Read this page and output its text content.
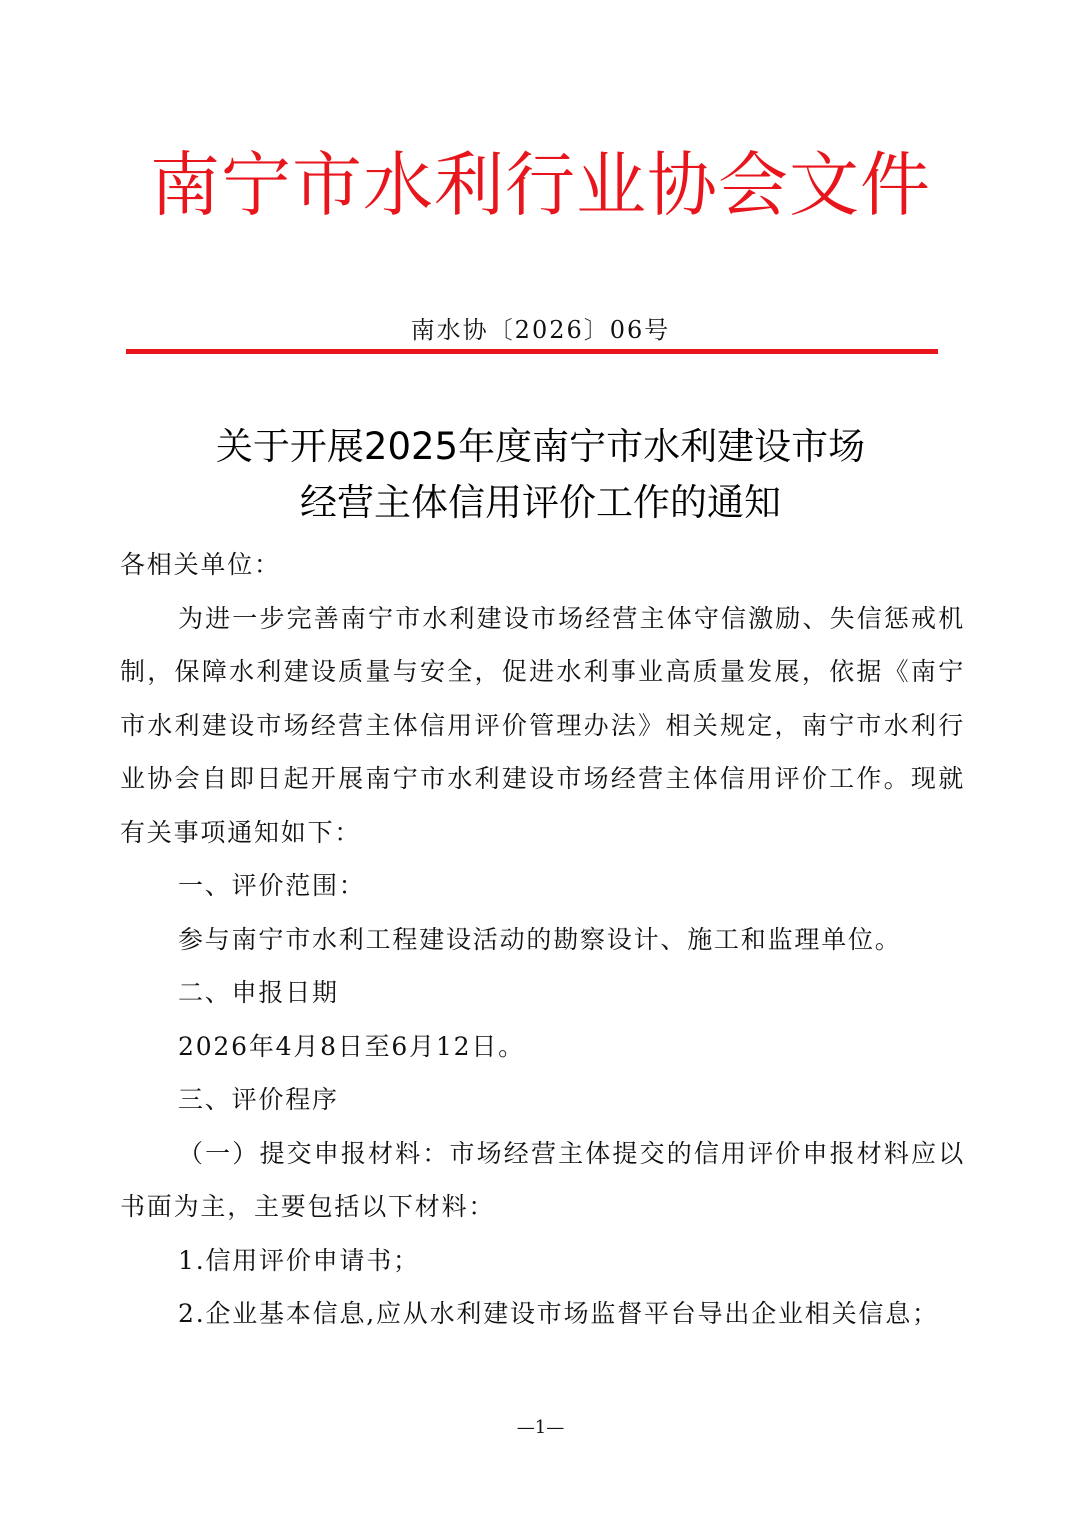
南宁市水利行业协会文件
南水协〔2026〕06号
关于开展2025年度南宁市水利建设市场
经营主体信用评价工作的通知

各相关单位：

为进一步完善南宁市水利建设市场经营主体守信激励、失信惩戒机制，保障水利建设质量与安全，促进水利事业高质量发展，依据《南宁市水利建设市场经营主体信用评价管理办法》相关规定，南宁市水利行业协会自即日起开展南宁市水利建设市场经营主体信用评价工作。现就有关事项通知如下：

一、评价范围：

参与南宁市水利工程建设活动的勘察设计、施工和监理单位。

二、申报日期

2026年4月8日至6月12日。

三、评价程序

（一）提交申报材料：市场经营主体提交的信用评价申报材料应以书面为主，主要包括以下材料：

1.信用评价申请书；

2.企业基本信息,应从水利建设市场监督平台导出企业相关信息；

—1—
